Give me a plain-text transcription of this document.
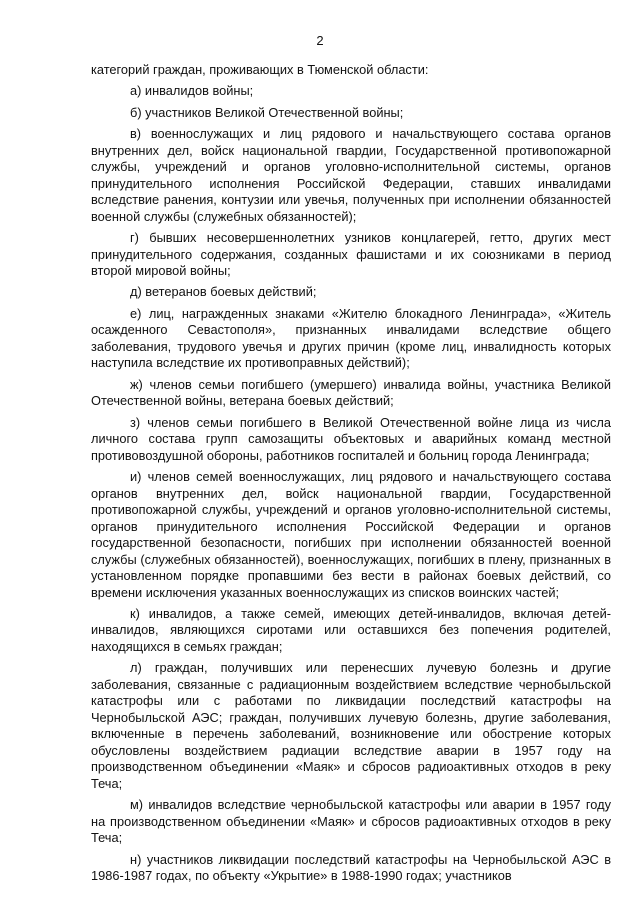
2

категорий граждан, проживающих в Тюменской области:

а) инвалидов войны;

б) участников Великой Отечественной войны;

в) военнослужащих и лиц рядового и начальствующего состава органов внутренних дел, войск национальной гвардии, Государственной противопожарной службы, учреждений и органов уголовно-исполнительной системы, органов принудительного исполнения Российской Федерации, ставших инвалидами вследствие ранения, контузии или увечья, полученных при исполнении обязанностей военной службы (служебных обязанностей);

г) бывших несовершеннолетних узников концлагерей, гетто, других мест принудительного содержания, созданных фашистами и их союзниками в период второй мировой войны;

д) ветеранов боевых действий;

е) лиц, награжденных знаками «Жителю блокадного Ленинграда», «Житель осажденного Севастополя», признанных инвалидами вследствие общего заболевания, трудового увечья и других причин (кроме лиц, инвалидность которых наступила вследствие их противоправных действий);

ж) членов семьи погибшего (умершего) инвалида войны, участника Великой Отечественной войны, ветерана боевых действий;

з) членов семьи погибшего в Великой Отечественной войне лица из числа личного состава групп самозащиты объектовых и аварийных команд местной противовоздушной обороны, работников госпиталей и больниц города Ленинграда;

и) членов семей военнослужащих, лиц рядового и начальствующего состава органов внутренних дел, войск национальной гвардии, Государственной противопожарной службы, учреждений и органов уголовно-исполнительной системы, органов принудительного исполнения Российской Федерации и органов государственной безопасности, погибших при исполнении обязанностей военной службы (служебных обязанностей), военнослужащих, погибших в плену, признанных в установленном порядке пропавшими без вести в районах боевых действий, со времени исключения указанных военнослужащих из списков воинских частей;

к) инвалидов, а также семей, имеющих детей-инвалидов, включая детей-инвалидов, являющихся сиротами или оставшихся без попечения родителей, находящихся в семьях граждан;

л) граждан, получивших или перенесших лучевую болезнь и другие заболевания, связанные с радиационным воздействием вследствие чернобыльской катастрофы или с работами по ликвидации последствий катастрофы на Чернобыльской АЭС; граждан, получивших лучевую болезнь, другие заболевания, включенные в перечень заболеваний, возникновение или обострение которых обусловлены воздействием радиации вследствие аварии в 1957 году на производственном объединении «Маяк» и сбросов радиоактивных отходов в реку Теча;

м) инвалидов вследствие чернобыльской катастрофы или аварии в 1957 году на производственном объединении «Маяк» и сбросов радиоактивных отходов в реку Теча;

н) участников ликвидации последствий катастрофы на Чернобыльской АЭС в 1986-1987 годах, по объекту «Укрытие» в 1988-1990 годах; участников
